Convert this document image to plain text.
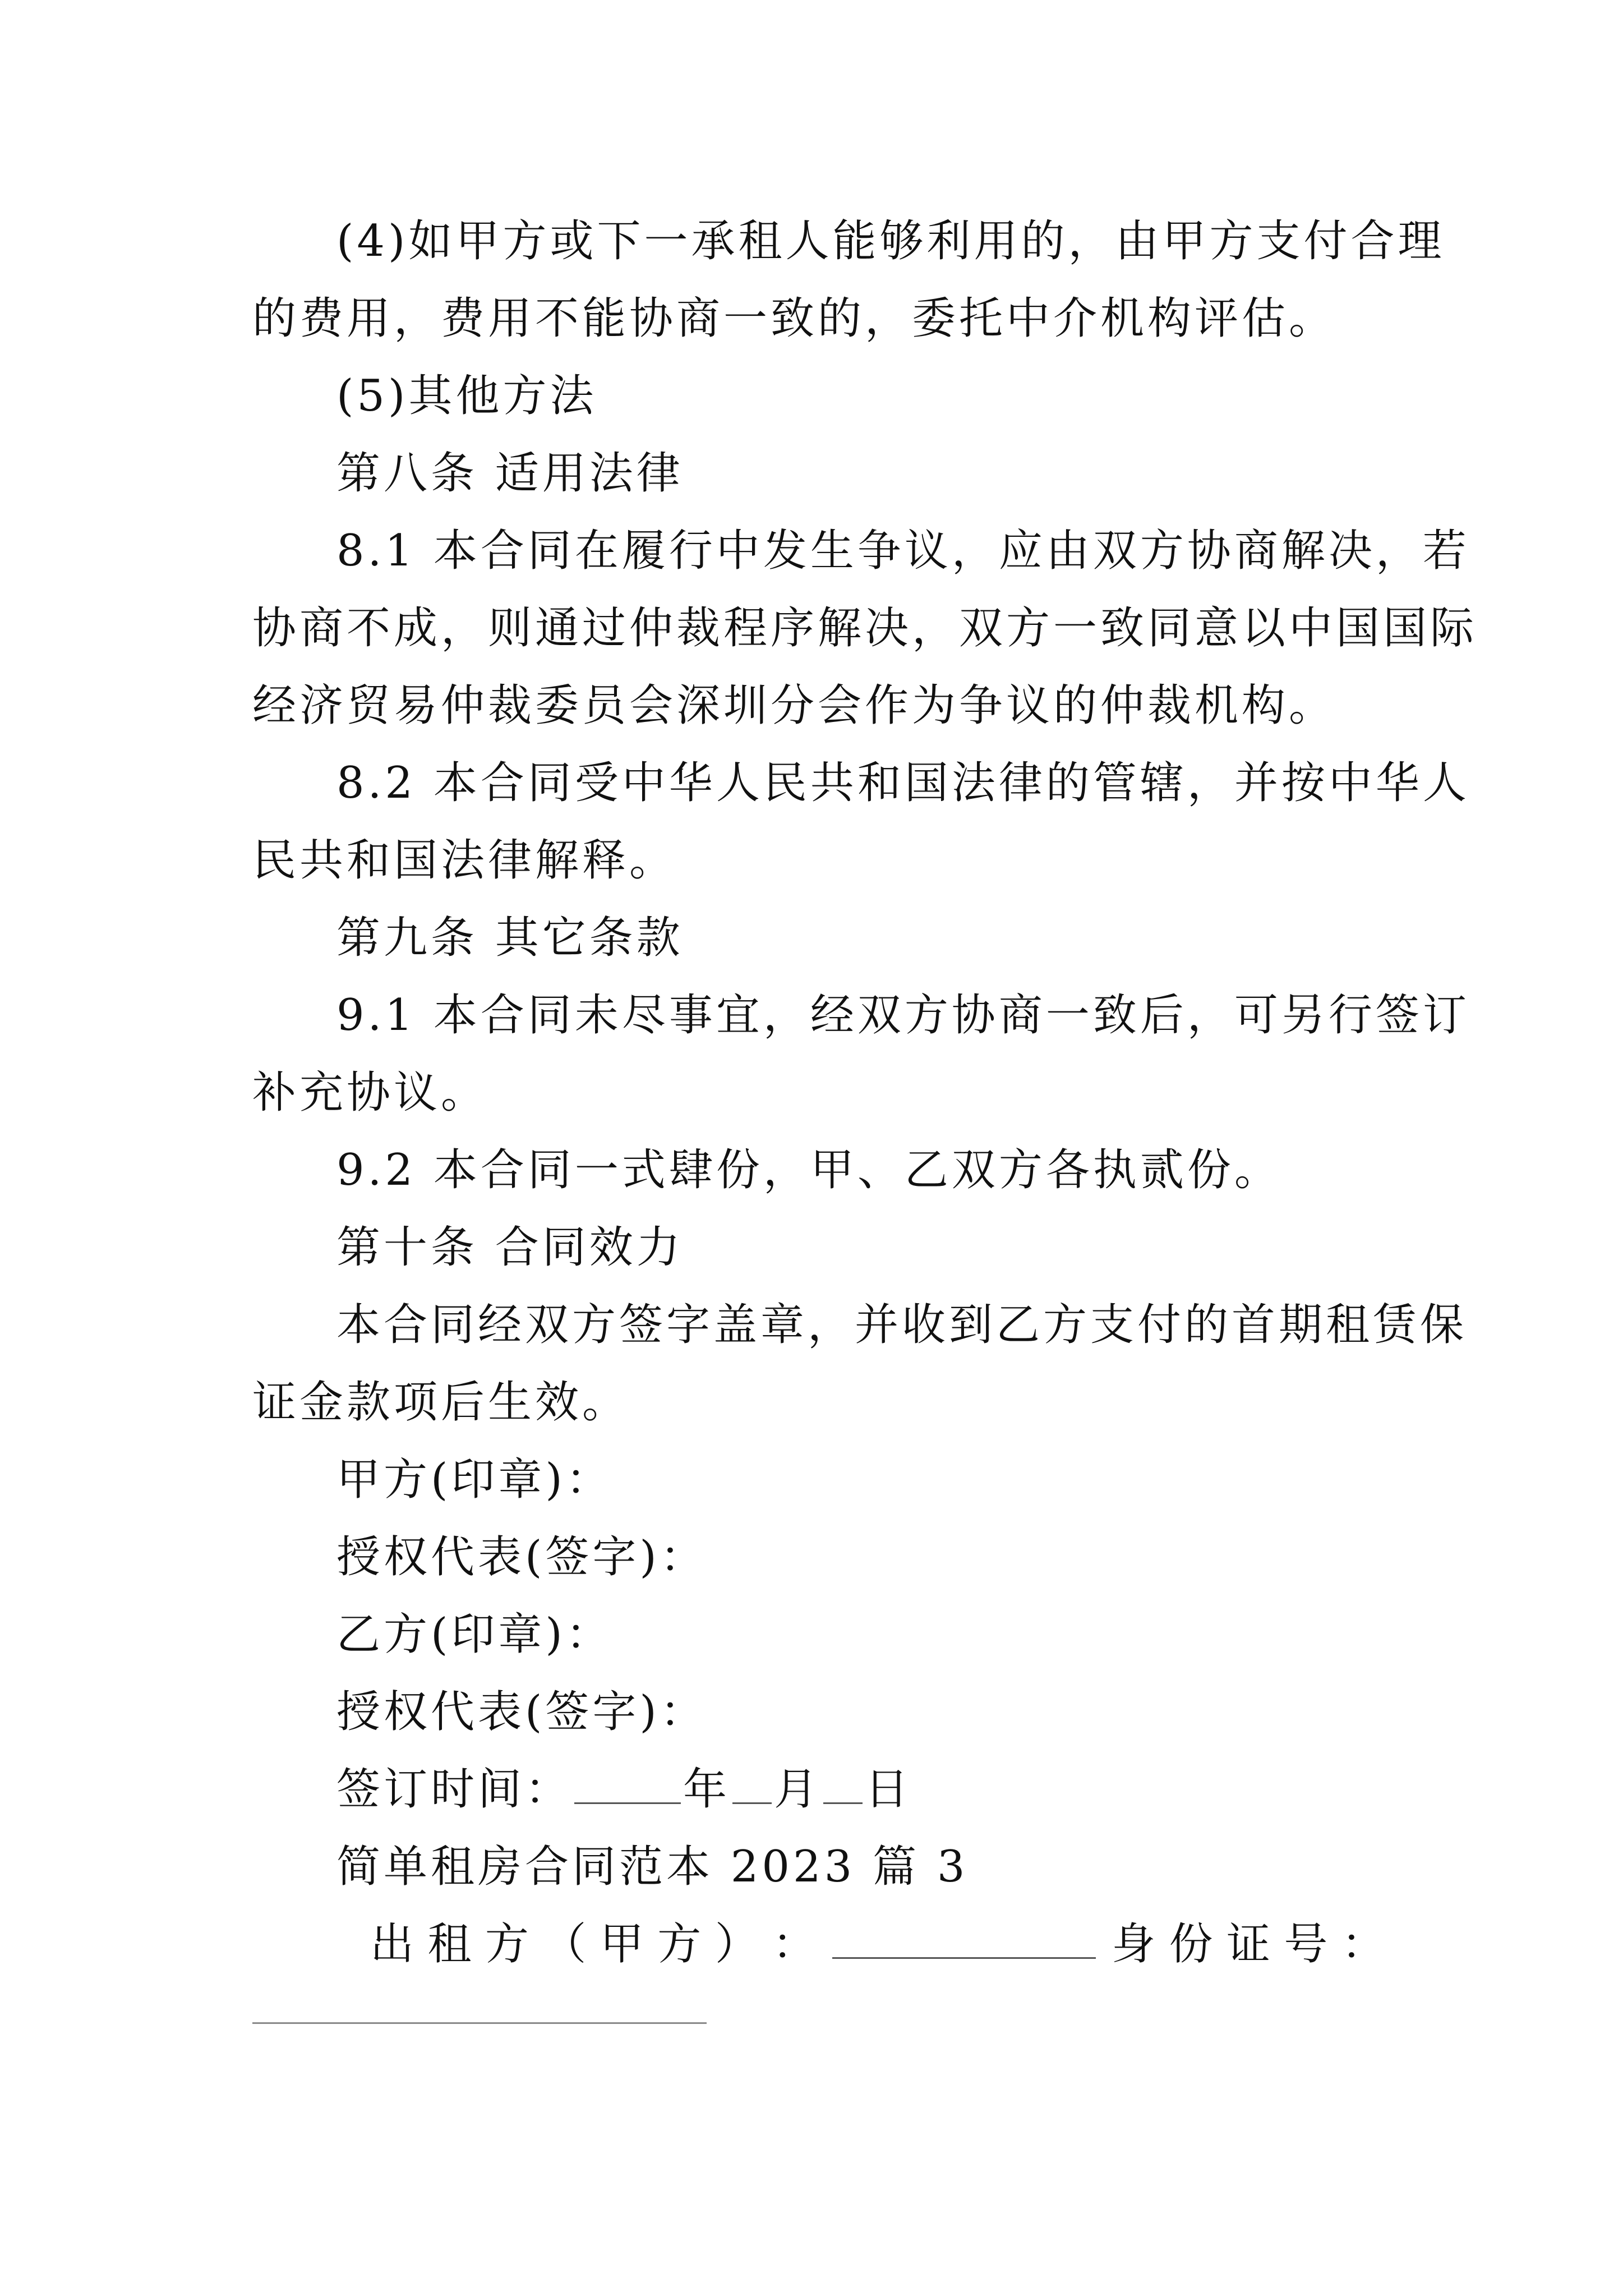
(4)如甲方或下一承租人能够利用的，由甲方支付合理
的费用，费用不能协商一致的，委托中介机构评估。
(5)其他方法
第八条 适用法律
8.1 本合同在履行中发生争议，应由双方协商解决，若
协商不成，则通过仲裁程序解决，双方一致同意以中国国际
经济贸易仲裁委员会深圳分会作为争议的仲裁机构。
8.2 本合同受中华人民共和国法律的管辖，并按中华人
民共和国法律解释。
第九条 其它条款
9.1 本合同未尽事宜，经双方协商一致后，可另行签订
补充协议。
9.2 本合同一式肆份，甲、乙双方各执贰份。
第十条 合同效力
本合同经双方签字盖章，并收到乙方支付的首期租赁保
证金款项后生效。
甲方(印章)：
授权代表(签字)：
乙方(印章)：
授权代表(签字)：
签订时间：	年 月 日
简单租房合同范本 2023 篇 3
出 租 方 （ 甲 方 ） ：	身 份 证 号 ：
